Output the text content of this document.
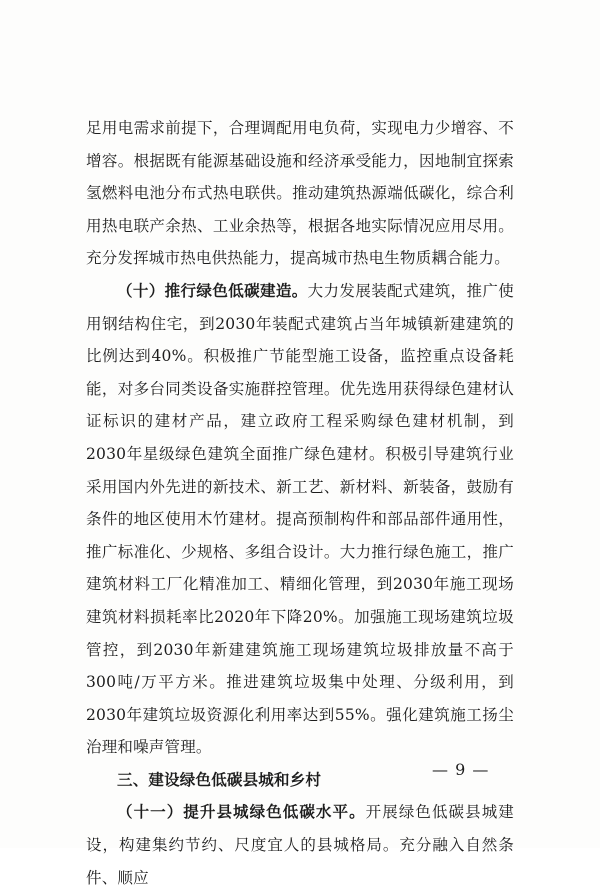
足用电需求前提下，合理调配用电负荷，实现电力少增容、不增容。根据既有能源基础设施和经济承受能力，因地制宜探索氢燃料电池分布式热电联供。推动建筑热源端低碳化，综合利用热电联产余热、工业余热等，根据各地实际情况应用尽用。充分发挥城市热电供热能力，提高城市热电生物质耦合能力。

（十）推行绿色低碳建造。大力发展装配式建筑，推广使用钢结构住宅，到2030年装配式建筑占当年城镇新建建筑的比例达到40%。积极推广节能型施工设备，监控重点设备耗能，对多台同类设备实施群控管理。优先选用获得绿色建材认证标识的建材产品，建立政府工程采购绿色建材机制，到2030年星级绿色建筑全面推广绿色建材。积极引导建筑行业采用国内外先进的新技术、新工艺、新材料、新装备，鼓励有条件的地区使用木竹建材。提高预制构件和部品部件通用性，推广标准化、少规格、多组合设计。大力推行绿色施工，推广建筑材料工厂化精准加工、精细化管理，到2030年施工现场建筑材料损耗率比2020年下降20%。加强施工现场建筑垃圾管控，到2030年新建建筑施工现场建筑垃圾排放量不高于300吨/万平方米。推进建筑垃圾集中处理、分级利用，到2030年建筑垃圾资源化利用率达到55%。强化建筑施工扬尘治理和噪声管理。

三、建设绿色低碳县城和乡村

（十一）提升县城绿色低碳水平。开展绿色低碳县城建设，构建集约节约、尺度宜人的县城格局。充分融入自然条件、顺应

— 9 —
